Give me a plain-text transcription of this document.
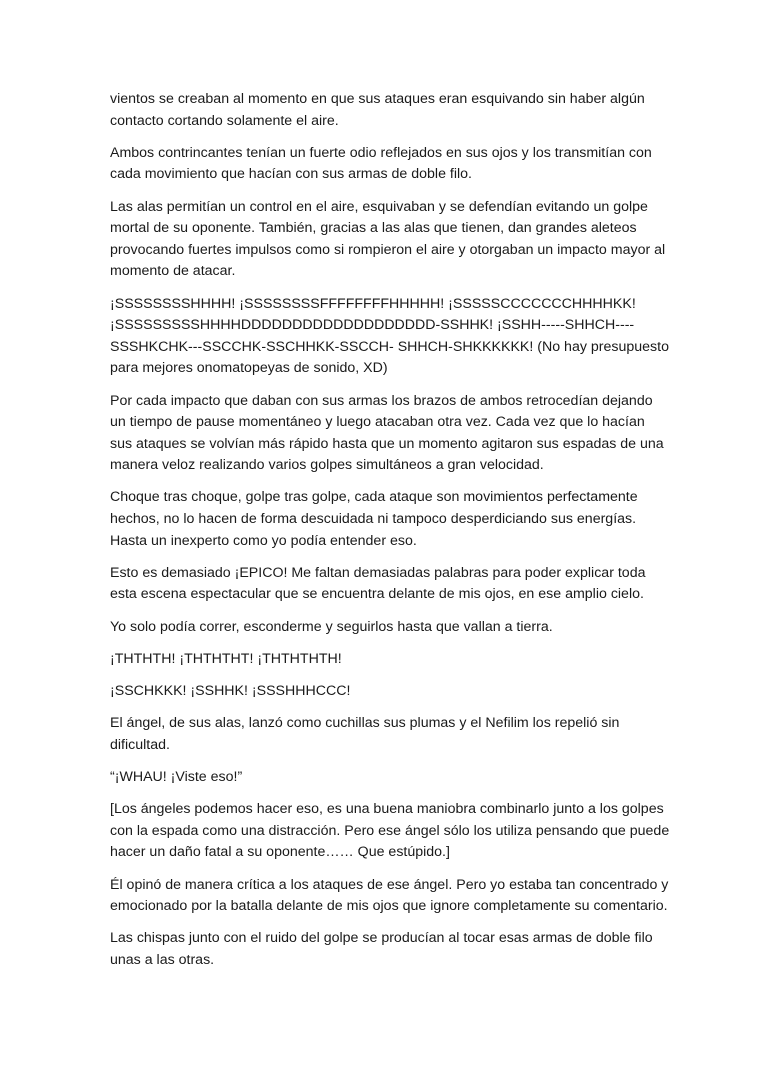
vientos se creaban al momento en que sus ataques eran esquivando sin haber algún contacto cortando solamente el aire.

Ambos contrincantes tenían un fuerte odio reflejados en sus ojos y los transmitían con cada movimiento que hacían con sus armas de doble filo.

Las alas permitían un control en el aire, esquivaban y se defendían evitando un golpe mortal de su oponente. También, gracias a las alas que tienen, dan grandes aleteos provocando fuertes impulsos como si rompieron el aire y otorgaban un impacto mayor al momento de atacar.

¡SSSSSSSSHHHH! ¡SSSSSSSSFFFFFFFFHHHHH! ¡SSSSSCCCCCCCHHHHKK! ¡SSSSSSSSSHHHHDDDDDDDDDDDDDDDDDDD-SSHHK! ¡SSHH-----SHHCH----SSSHKCHK---SSCCHK-SSCHHKK-SSCCH- SHHCH-SHKKKKKK! (No hay presupuesto para mejores onomatopeyas de sonido, XD)

Por cada impacto que daban con sus armas los brazos de ambos retrocedían dejando un tiempo de pause momentáneo y luego atacaban otra vez. Cada vez que lo hacían sus ataques se volvían más rápido hasta que un momento agitaron sus espadas de una manera veloz realizando varios golpes simultáneos a gran velocidad.

Choque tras choque, golpe tras golpe, cada ataque son movimientos perfectamente hechos, no lo hacen de forma descuidada ni tampoco desperdiciando sus energías. Hasta un inexperto como yo podía entender eso.

Esto es demasiado ¡EPICO! Me faltan demasiadas palabras para poder explicar toda esta escena espectacular que se encuentra delante de mis ojos, en ese amplio cielo.

Yo solo podía correr, esconderme y seguirlos hasta que vallan a tierra.

¡THTHTH! ¡THTHTHT! ¡THTHTHTH!

¡SSCHKKK! ¡SSHHK! ¡SSSHHHCCC!

El ángel, de sus alas, lanzó como cuchillas sus plumas y el Nefilim los repelió sin dificultad.

“¡WHAU! ¡Viste eso!”

[Los ángeles podemos hacer eso, es una buena maniobra combinarlo junto a los golpes con la espada como una distracción. Pero ese ángel sólo los utiliza pensando que puede hacer un daño fatal a su oponente…… Que estúpido.]

Él opinó de manera crítica a los ataques de ese ángel. Pero yo estaba tan concentrado y emocionado por la batalla delante de mis ojos que ignore completamente su comentario.

Las chispas junto con el ruido del golpe se producían al tocar esas armas de doble filo unas a las otras.
